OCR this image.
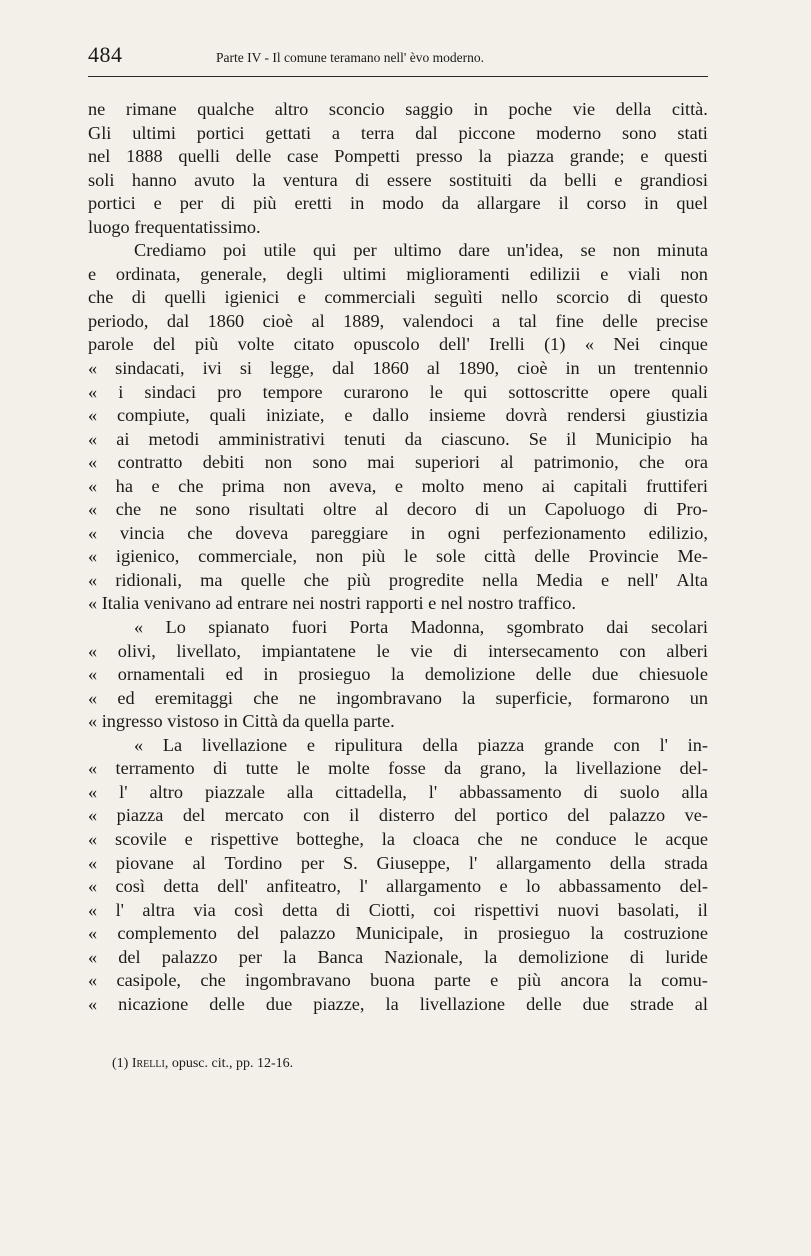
484	Parte IV - Il comune teramano nell' èvo moderno.
ne rimane qualche altro sconcio saggio in poche vie della città.
Gli ultimi portici gettati a terra dal piccone moderno sono stati
nel 1888 quelli delle case Pompetti presso la piazza grande; e questi
soli hanno avuto la ventura di essere sostituiti da belli e grandiosi
portici e per di più eretti in modo da allargare il corso in quel
luogo frequentatissimo.
Crediamo poi utile qui per ultimo dare un'idea, se non minuta
e ordinata, generale, degli ultimi miglioramenti edilizii e viali non
che di quelli igienici e commerciali seguìti nello scorcio di questo
periodo, dal 1860 cioè al 1889, valendoci a tal fine delle precise
parole del più volte citato opuscolo dell' Irelli (1) « Nei cinque
« sindacati, ivi si legge, dal 1860 al 1890, cioè in un trentennio
« i sindaci pro tempore curarono le qui sottoscritte opere quali
« compiute, quali iniziate, e dallo insieme dovrà rendersi giustizia
« ai metodi amministrativi tenuti da ciascuno. Se il Municipio ha
« contratto debiti non sono mai superiori al patrimonio, che ora
« ha e che prima non aveva, e molto meno ai capitali fruttiferi
« che ne sono risultati oltre al decoro di un Capoluogo di Pro-
« vincia che doveva pareggiare in ogni perfezionamento edilizio,
« igienico, commerciale, non più le sole città delle Provincie Me-
« ridionali, ma quelle che più progredite nella Media e nell' Alta
« Italia venivano ad entrare nei nostri rapporti e nel nostro traffico.
« Lo spianato fuori Porta Madonna, sgombrato dai secolari
« olivi, livellato, impiantatene le vie di intersecamento con alberi
« ornamentali ed in prosieguo la demolizione delle due chiesuole
« ed eremitaggi che ne ingombravano la superficie, formarono un
« ingresso vistoso in Città da quella parte.
« La livellazione e ripulitura della piazza grande con l' in-
« terramento di tutte le molte fosse da grano, la livellazione del-
« l' altro piazzale alla cittadella, l' abbassamento di suolo alla
« piazza del mercato con il disterro del portico del palazzo ve-
« scovile e rispettive botteghe, la cloaca che ne conduce le acque
« piovane al Tordino per S. Giuseppe, l' allargamento della strada
« così detta dell' anfiteatro, l' allargamento e lo abbassamento del-
« l' altra via così detta di Ciotti, coi rispettivi nuovi basolati, il
« complemento del palazzo Municipale, in prosieguo la costruzione
« del palazzo per la Banca Nazionale, la demolizione di luride
« casipole, che ingombravano buona parte e più ancora la comu-
« nicazione delle due piazze, la livellazione delle due strade al
(1) Irelli, opusc. cit., pp. 12-16.
